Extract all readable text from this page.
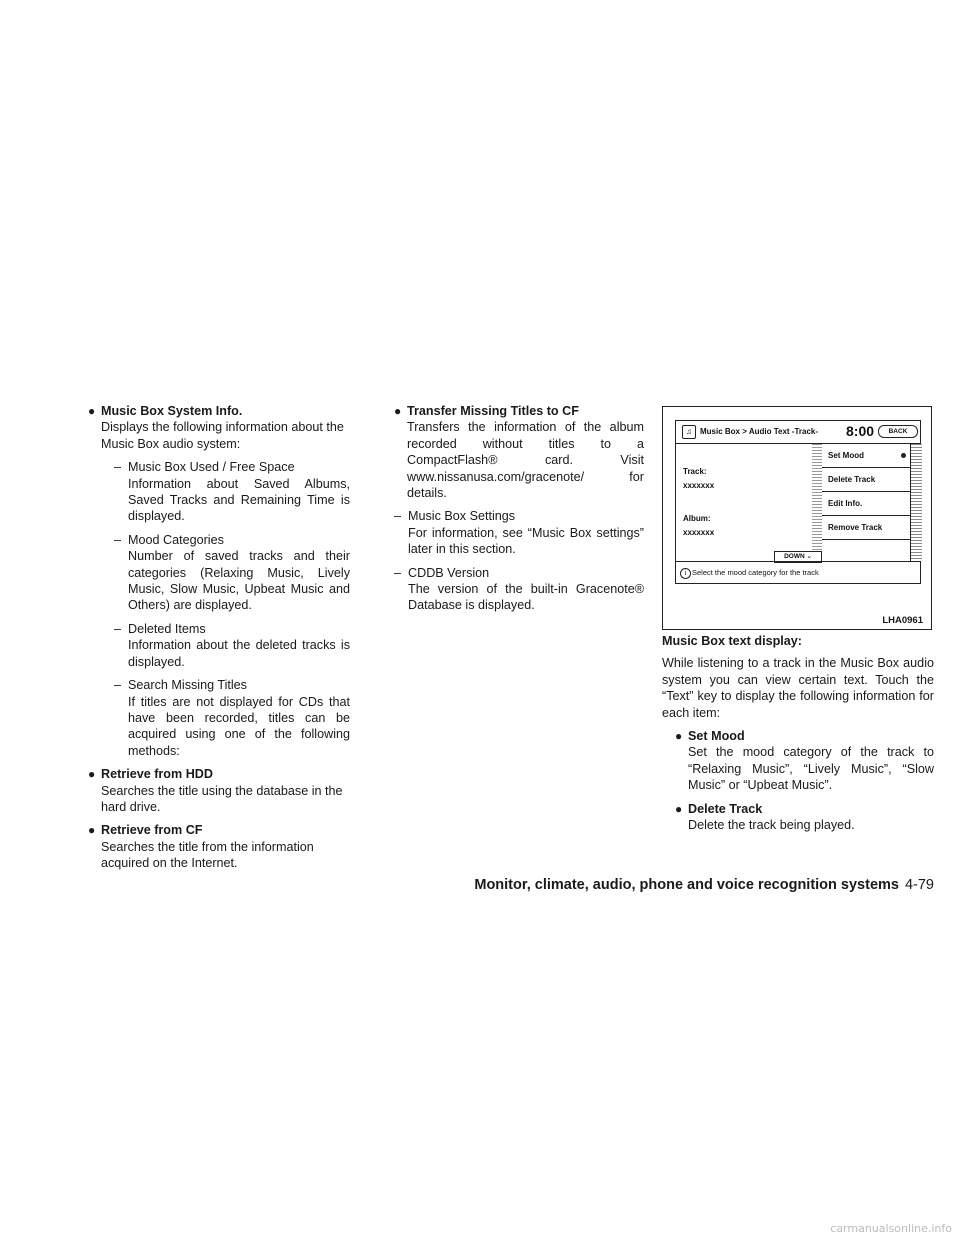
● Music Box System Info.
Displays the following information about the Music Box audio system:
– Music Box Used / Free Space
Information about Saved Albums, Saved Tracks and Remaining Time is displayed.
– Mood Categories
Number of saved tracks and their categories (Relaxing Music, Lively Music, Slow Music, Upbeat Music and Others) are displayed.
– Deleted Items
Information about the deleted tracks is displayed.
– Search Missing Titles
If titles are not displayed for CDs that have been recorded, titles can be acquired using one of the following methods:
● Retrieve from HDD
Searches the title using the database in the hard drive.
● Retrieve from CF
Searches the title from the information acquired on the Internet.
● Transfer Missing Titles to CF
Transfers the information of the album recorded without titles to a CompactFlash® card. Visit www.nissanusa.com/gracenote/ for details.
– Music Box Settings
For information, see “Music Box settings” later in this section.
– CDDB Version
The version of the built-in Gracenote® Database is displayed.
♫	Music Box > Audio Text -Track- 8:00	BACK
Track:
xxxxxxx
Album:
xxxxxxx
Set Mood
Delete Track
Edit Info.
Remove Track
DOWN ⌄
i Select the mood category for the track
LHA0961
Music Box text display:
While listening to a track in the Music Box audio system you can view certain text. Touch the “Text” key to display the following information for each item:
● Set Mood
Set the mood category of the track to “Relaxing Music”, “Lively Music”, “Slow Music” or “Upbeat Music”.
● Delete Track
Delete the track being played.
Monitor, climate, audio, phone and voice recognition systems 4-79
carmanualsonline.info
